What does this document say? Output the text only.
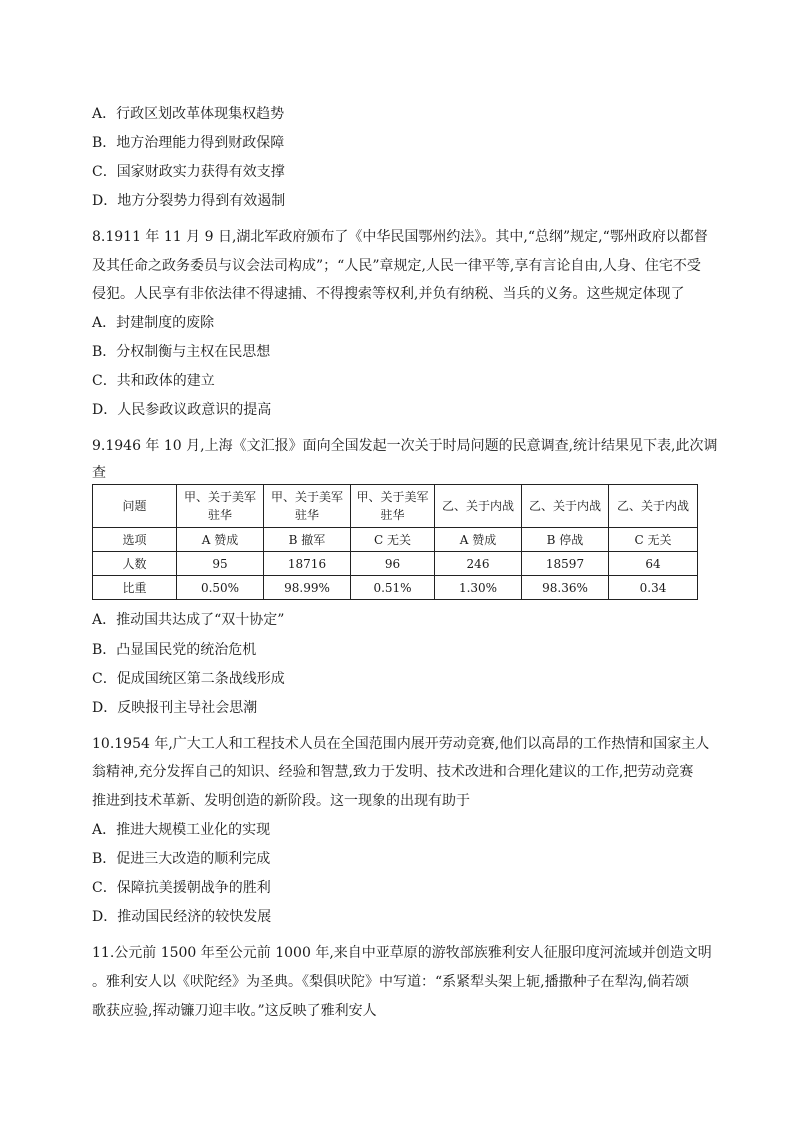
A．行政区划改革体现集权趋势
B．地方治理能力得到财政保障
C．国家财政实力获得有效支撑
D．地方分裂势力得到有效遏制
8.1911 年 11 月 9 日,湖北军政府颁布了《中华民国鄂州约法》。其中,“总纲”规定,“鄂州政府以都督
及其任命之政务委员与议会法司构成”；“人民”章规定,人民一律平等,享有言论自由,人身、住宅不受
侵犯。人民享有非依法律不得逮捕、不得搜索等权利,并负有纳税、当兵的义务。这些规定体现了
A．封建制度的废除
B．分权制衡与主权在民思想
C．共和政体的建立
D．人民参政议政意识的提高
9.1946 年 10 月,上海《文汇报》面向全国发起一次关于时局问题的民意调查,统计结果见下表,此次调
查
问题	甲、关于美军驻华	甲、关于美军驻华	甲、关于美军驻华	乙、关于内战	乙、关于内战	乙、关于内战
选项	A 赞成	B 撤军	C 无关	A 赞成	B 停战	C 无关
人数	95	18716	96	246	18597	64
比重	0.50%	98.99%	0.51%	1.30%	98.36%	0.34
A．推动国共达成了“双十协定”
B．凸显国民党的统治危机
C．促成国统区第二条战线形成
D．反映报刊主导社会思潮
10.1954 年,广大工人和工程技术人员在全国范围内展开劳动竞赛,他们以高昂的工作热情和国家主人
翁精神,充分发挥自己的知识、经验和智慧,致力于发明、技术改进和合理化建议的工作,把劳动竞赛
推进到技术革新、发明创造的新阶段。这一现象的出现有助于
A．推进大规模工业化的实现
B．促进三大改造的顺利完成
C．保障抗美援朝战争的胜利
D．推动国民经济的较快发展
11.公元前 1500 年至公元前 1000 年,来自中亚草原的游牧部族雅利安人征服印度河流域并创造文明
。雅利安人以《吠陀经》为圣典。《梨俱吠陀》中写道：“系紧犁头架上轭,播撒种子在犁沟,倘若颂
歌获应验,挥动镰刀迎丰收。”这反映了雅利安人
